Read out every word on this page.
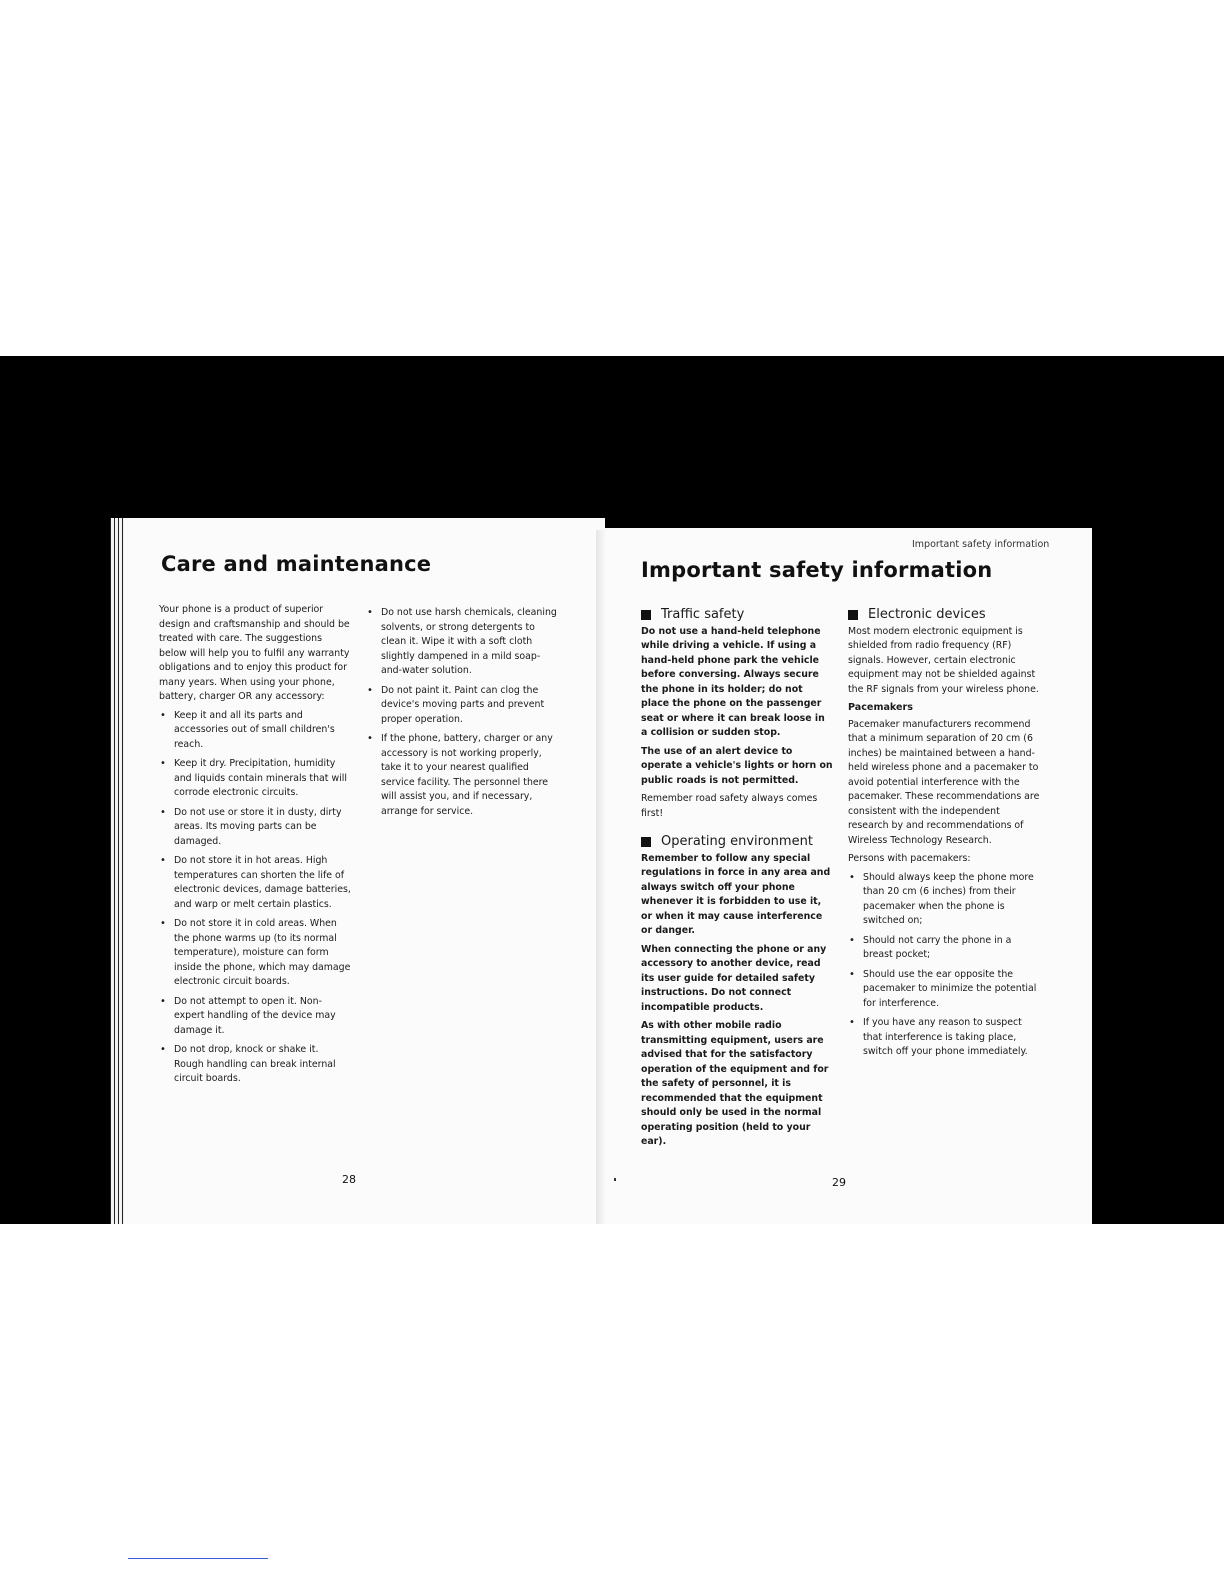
Care and maintenance

Your phone is a product of superior design and craftsmanship and should be treated with care. The suggestions below will help you to fulfil any warranty obligations and to enjoy this product for many years. When using your phone, battery, charger OR any accessory:

• Keep it and all its parts and accessories out of small children's reach.
• Keep it dry. Precipitation, humidity and liquids contain minerals that will corrode electronic circuits.
• Do not use or store it in dusty, dirty areas. Its moving parts can be damaged.
• Do not store it in hot areas. High temperatures can shorten the life of electronic devices, damage batteries, and warp or melt certain plastics.
• Do not store it in cold areas. When the phone warms up (to its normal temperature), moisture can form inside the phone, which may damage electronic circuit boards.
• Do not attempt to open it. Non-expert handling of the device may damage it.
• Do not drop, knock or shake it. Rough handling can break internal circuit boards.
• Do not use harsh chemicals, cleaning solvents, or strong detergents to clean it. Wipe it with a soft cloth slightly dampened in a mild soap-and-water solution.
• Do not paint it. Paint can clog the device's moving parts and prevent proper operation.
• If the phone, battery, charger or any accessory is not working properly, take it to your nearest qualified service facility. The personnel there will assist you, and if necessary, arrange for service.
28
Important safety information
Important safety information
Traffic safety

Do not use a hand-held telephone while driving a vehicle. If using a hand-held phone park the vehicle before conversing. Always secure the phone in its holder; do not place the phone on the passenger seat or where it can break loose in a collision or sudden stop.

The use of an alert device to operate a vehicle's lights or horn on public roads is not permitted.

Remember road safety always comes first!

Operating environment

Remember to follow any special regulations in force in any area and always switch off your phone whenever it is forbidden to use it, or when it may cause interference or danger.

When connecting the phone or any accessory to another device, read its user guide for detailed safety instructions. Do not connect incompatible products.

As with other mobile radio transmitting equipment, users are advised that for the satisfactory operation of the equipment and for the safety of personnel, it is recommended that the equipment should only be used in the normal operating position (held to your ear).

Electronic devices

Most modern electronic equipment is shielded from radio frequency (RF) signals. However, certain electronic equipment may not be shielded against the RF signals from your wireless phone.

Pacemakers

Pacemaker manufacturers recommend that a minimum separation of 20 cm (6 inches) be maintained between a hand-held wireless phone and a pacemaker to avoid potential interference with the pacemaker. These recommendations are consistent with the independent research by and recommendations of Wireless Technology Research.

Persons with pacemakers:

• Should always keep the phone more than 20 cm (6 inches) from their pacemaker when the phone is switched on;
• Should not carry the phone in a breast pocket;
• Should use the ear opposite the pacemaker to minimize the potential for interference.
• If you have any reason to suspect that interference is taking place, switch off your phone immediately.
29
